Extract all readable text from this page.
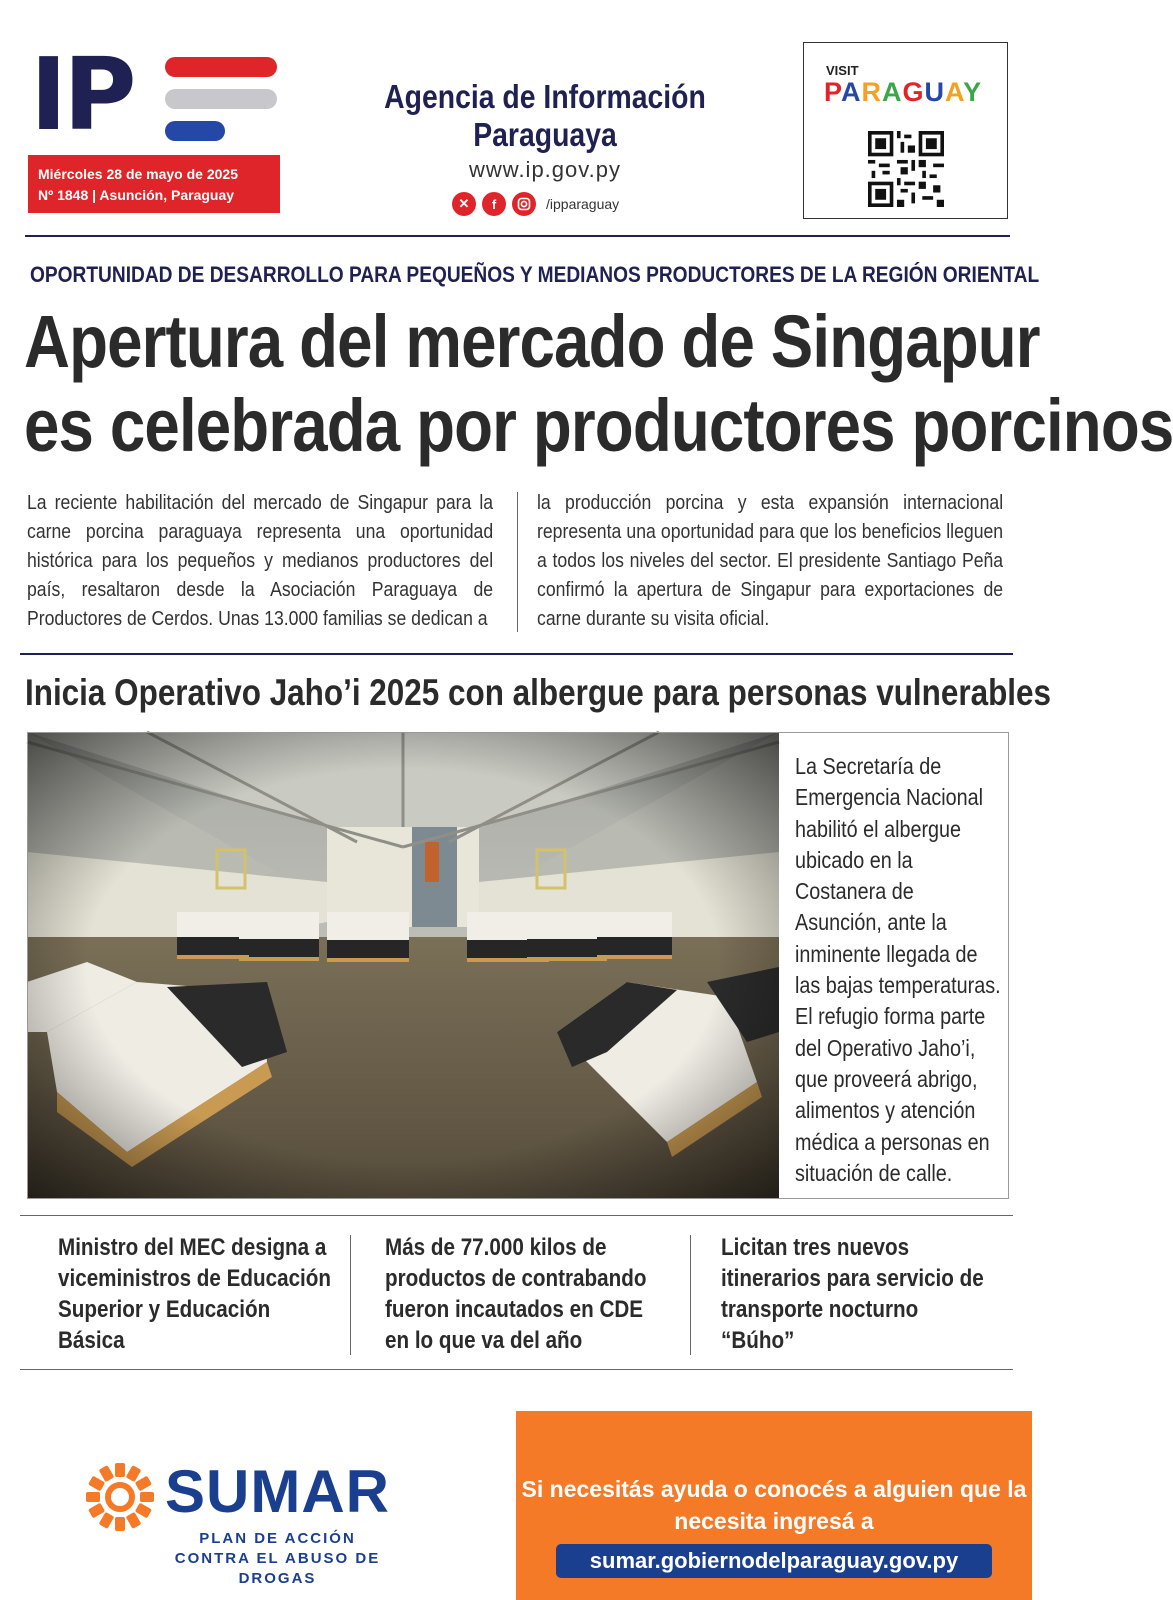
IP
Miércoles 28 de mayo de 2025
Nº 1848 | Asunción, Paraguay
Agencia de Información Paraguaya
www.ip.gov.py
✕	f	/ipparaguay
VISIT
PARAGUAY
OPORTUNIDAD DE DESARROLLO PARA PEQUEÑOS Y MEDIANOS PRODUCTORES DE LA REGIÓN ORIENTAL
Apertura del mercado de Singapur
es celebrada por productores porcinos
La reciente habilitación del mercado de Singapur para la carne porcina paraguaya representa una oportunidad histórica para los pequeños y medianos productores del país, resaltaron desde la Asociación Paraguaya de Productores de Cerdos. Unas 13.000 familias se dedican a
la producción porcina y esta expansión internacional representa una oportunidad para que los beneficios lleguen a todos los niveles del sector. El presidente Santiago Peña confirmó la apertura de Singapur para exportaciones de carne durante su visita oficial.
Inicia Operativo Jaho’i 2025 con albergue para personas vulnerables
La Secretaría de Emergencia Nacional habilitó el albergue ubicado en la Costanera de Asunción, ante la inminente llegada de las bajas temperaturas. El refugio forma parte del Operativo Jaho’i, que proveerá abrigo, alimentos y atención médica a personas en situación de calle.
Ministro del MEC designa a viceministros de Educación Superior y Educación Básica
Más de 77.000 kilos de productos de contrabando fueron incautados en CDE en lo que va del año
Licitan tres nuevos itinerarios para servicio de transporte nocturno “Búho”
SUMAR
PLAN DE ACCIÓN CONTRA EL ABUSO DE DROGAS
Si necesitás ayuda o conocés a alguien que la necesita ingresá a
sumar.gobiernodelparaguay.gov.py
